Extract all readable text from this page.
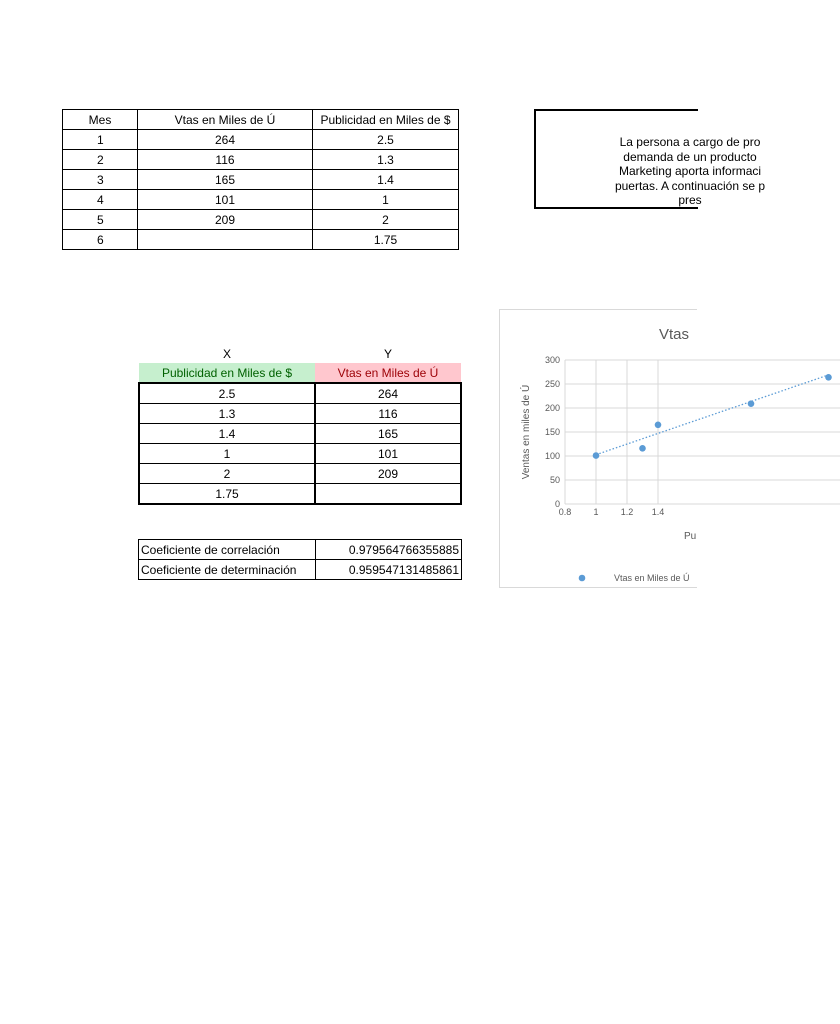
Mes	Vtas en Miles de Ú	Publicidad en Miles de $
1	264	2.5
2	116	1.3
3	165	1.4
4	101	1
5	209	2
6		1.75
La persona a cargo de pro
demanda de un producto
Marketing aporta informaci
puertas. A continuación se p
pres
X	Y
Publicidad en Miles de $	Vtas en Miles de Ú
2.5	264
1.3	116
1.4	165
1	101
2	209
1.75	
Coeficiente de correlación	0.979564766355885
Coeficiente de determinación	0.959547131485861
0
50
100
150
200
250
300
0.8 1 1.2 1.4
Vtas
Ventas en miles de Ú
Pu
Vtas en Miles de Ú
